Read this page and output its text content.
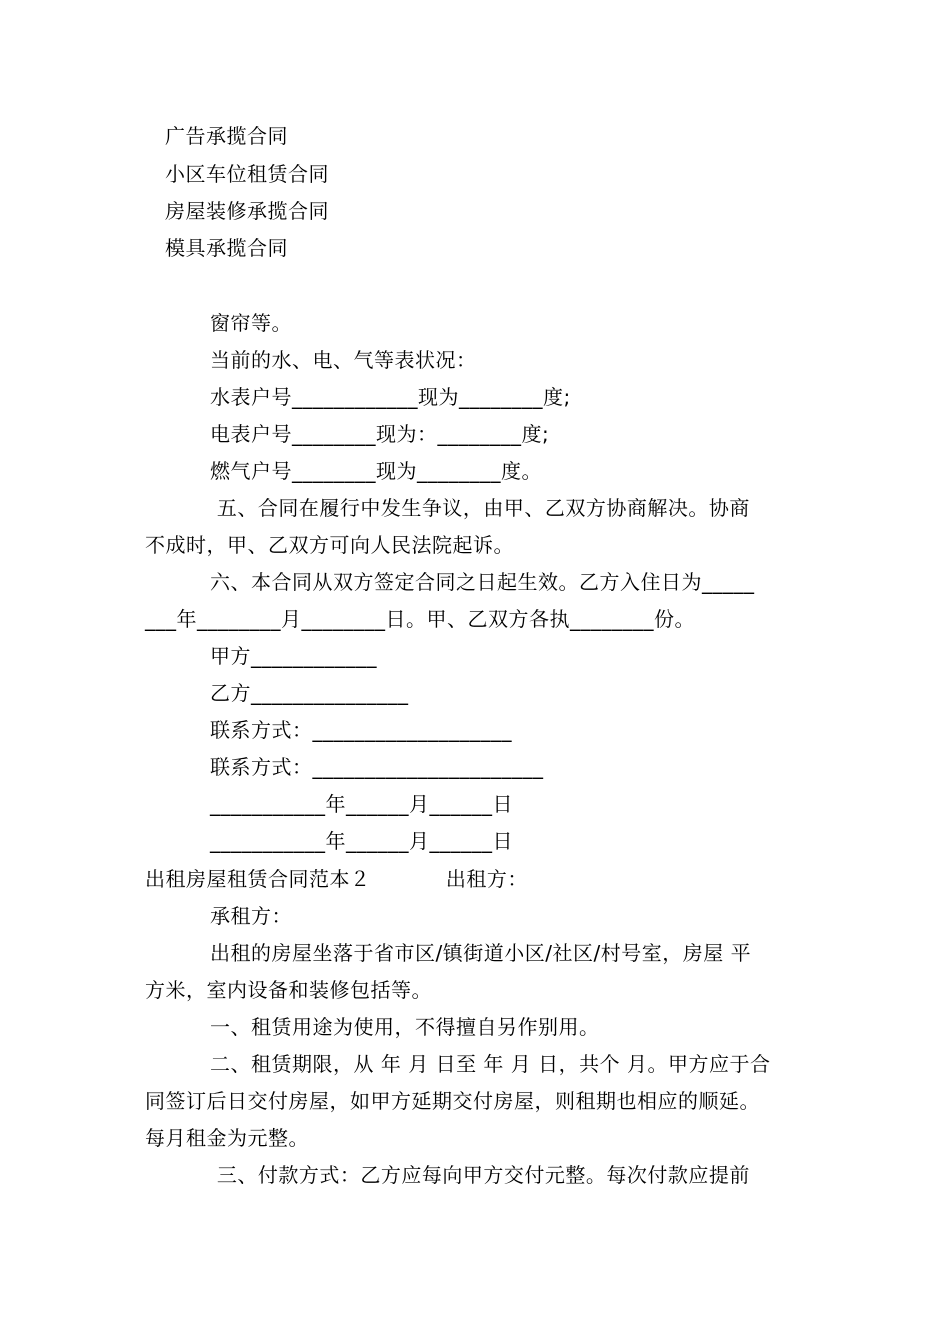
广告承揽合同
小区车位租赁合同
房屋装修承揽合同
模具承揽合同
窗帘等。
当前的水、电、气等表状况：
水表户号____________现为________度;
电表户号________现为：________度;
燃气户号________现为________度。
五、合同在履行中发生争议，由甲、乙双方协商解决。协商
不成时，甲、乙双方可向人民法院起诉。
六、本合同从双方签定合同之日起生效。乙方入住日为_____
___年________月________日。甲、乙双方各执________份。
甲方____________
乙方_______________
联系方式：___________________
联系方式：______________________
___________年______月______日
___________年______月______日
出租房屋租赁合同范本２           出租方：
承租方：
出租的房屋坐落于省市区/镇街道小区/社区/村号室，房屋 平
方米，室内设备和装修包括等。
一、租赁用途为使用，不得擅自另作别用。
二、租赁期限，从 年 月 日至 年 月 日，共个 月。甲方应于合
同签订后日交付房屋，如甲方延期交付房屋，则租期也相应的顺延。
每月租金为元整。
三、付款方式：乙方应每向甲方交付元整。每次付款应提前
